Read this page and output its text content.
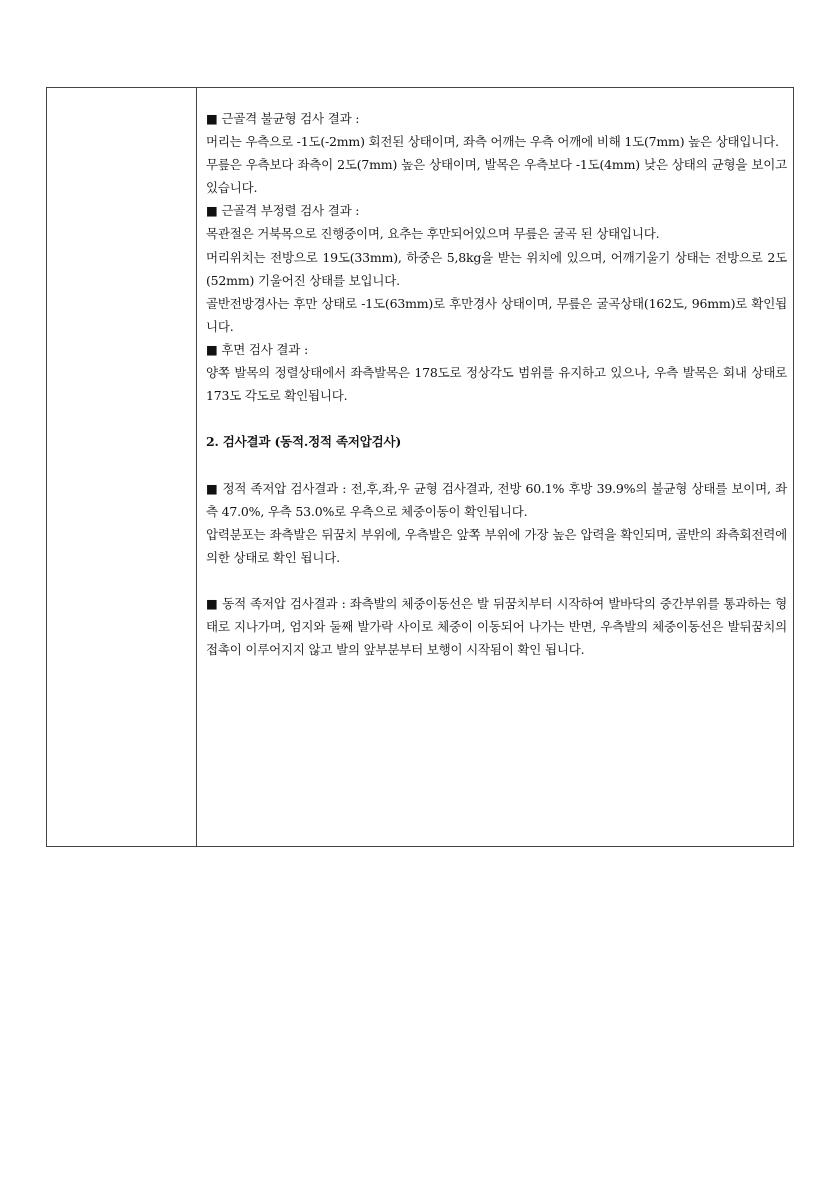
■ 근골격 불균형 검사 결과 :

머리는 우측으로 -1도(-2mm) 회전된 상태이며, 좌측 어깨는 우측 어깨에 비해 1도(7mm) 높은 상태입니다.

무릎은 우측보다 좌측이 2도(7mm) 높은 상태이며, 발목은 우측보다 -1도(4mm) 낮은 상태의 균형을 보이고 있습니다.

■ 근골격 부정렬 검사 결과 :

목관절은 거북목으로 진행중이며, 요추는 후만되어있으며 무릎은 굴곡 된 상태입니다.

머리위치는 전방으로 19도(33mm), 하중은 5,8kg을 받는 위치에 있으며, 어깨기울기 상태는 전방으로 2도(52mm) 기울어진 상태를 보입니다.

골반전방경사는 후만 상태로 -1도(63mm)로 후만경사 상태이며, 무릎은 굴곡상태(162도, 96mm)로 확인됩니다.

■ 후면 검사 결과 :

양쪽 발목의 정렬상태에서 좌측발목은 178도로 정상각도 범위를 유지하고 있으나, 우측 발목은 회내 상태로 173도 각도로 확인됩니다.

2. 검사결과 (동적.정적 족저압검사)

■ 정적 족저압 검사결과 : 전,후,좌,우 균형 검사결과, 전방 60.1% 후방 39.9%의 불균형 상태를 보이며, 좌측 47.0%, 우측 53.0%로 우측으로 체중이동이 확인됩니다.

압력분포는 좌측발은 뒤꿈치 부위에, 우측발은 앞쪽 부위에 가장 높은 압력을 확인되며, 골반의 좌측회전력에 의한 상태로 확인 됩니다.

■ 동적 족저압 검사결과 : 좌측발의 체중이동선은 발 뒤꿈치부터 시작하여 발바닥의 중간부위를 통과하는 형태로 지나가며, 엄지와 둘째 발가락 사이로 체중이 이동되어 나가는 반면, 우측발의 체중이동선은 발뒤꿈치의 접촉이 이루어지지 않고 발의 앞부분부터 보행이 시작됨이 확인 됩니다.
